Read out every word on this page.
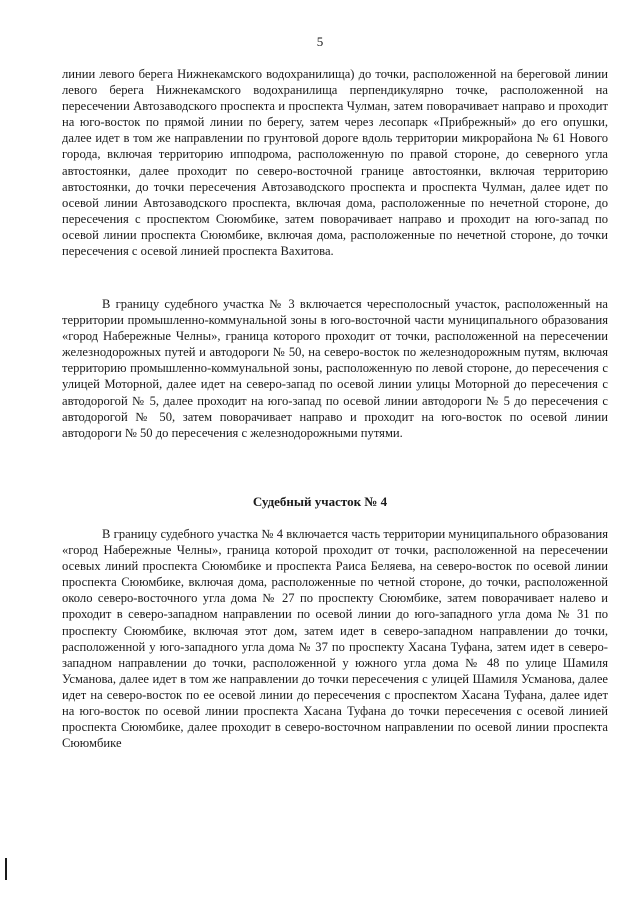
5

линии левого берега Нижнекамского водохранилища) до точки, расположенной на береговой линии левого берега Нижнекамского водохранилища перпендикулярно точке, расположенной на пересечении Автозаводского проспекта и проспекта Чулман, затем поворачивает направо и проходит на юго-восток по прямой линии по берегу, затем через лесопарк «Прибрежный» до его опушки, далее идет в том же направлении по грунтовой дороге вдоль территории микрорайона № 61 Нового города, включая территорию ипподрома, расположенную по правой стороне, до северного угла автостоянки, далее проходит по северо-восточной границе автостоянки, включая территорию автостоянки, до точки пересечения Автозаводского проспекта и проспекта Чулман, далее идет по осевой линии Автозаводского проспекта, включая дома, расположенные по нечетной стороне, до пересечения с проспектом Сююмбике, затем поворачивает направо и проходит на юго-запад по осевой линии проспекта Сююмбике, включая дома, расположенные по нечетной стороне, до точки пересечения с осевой линией проспекта Вахитова.

В границу судебного участка № 3 включается чересполосный участок, расположенный на территории промышленно-коммунальной зоны в юго-восточной части муниципального образования «город Набережные Челны», граница которого проходит от точки, расположенной на пересечении железнодорожных путей и автодороги № 50, на северо-восток по железнодорожным путям, включая территорию промышленно-коммунальной зоны, расположенную по левой стороне, до пересечения с улицей Моторной, далее идет на северо-запад по осевой линии улицы Моторной до пересечения с автодорогой № 5, далее проходит на юго-запад по осевой линии автодороги № 5 до пересечения с автодорогой № 50, затем поворачивает направо и проходит на юго-восток по осевой линии автодороги № 50 до пересечения с железнодорожными путями.

Судебный участок № 4

В границу судебного участка № 4 включается часть территории муниципального образования «город Набережные Челны», граница которой проходит от точки, расположенной на пересечении осевых линий проспекта Сююмбике и проспекта Раиса Беляева, на северо-восток по осевой линии проспекта Сююмбике, включая дома, расположенные по четной стороне, до точки, расположенной около северо-восточного угла дома № 27 по проспекту Сююмбике, затем поворачивает налево и проходит в северо-западном направлении по осевой линии до юго-западного угла дома № 31 по проспекту Сююмбике, включая этот дом, затем идет в северо-западном направлении до точки, расположенной у юго-западного угла дома № 37 по проспекту Хасана Туфана, затем идет в северо-западном направлении до точки, расположенной у южного угла дома № 48 по улице Шамиля Усманова, далее идет в том же направлении до точки пересечения с улицей Шамиля Усманова, далее идет на северо-восток по ее осевой линии до пересечения с проспектом Хасана Туфана, далее идет на юго-восток по осевой линии проспекта Хасана Туфана до точки пересечения с осевой линией проспекта Сююмбике, далее проходит в северо-восточном направлении по осевой линии проспекта Сююмбике
